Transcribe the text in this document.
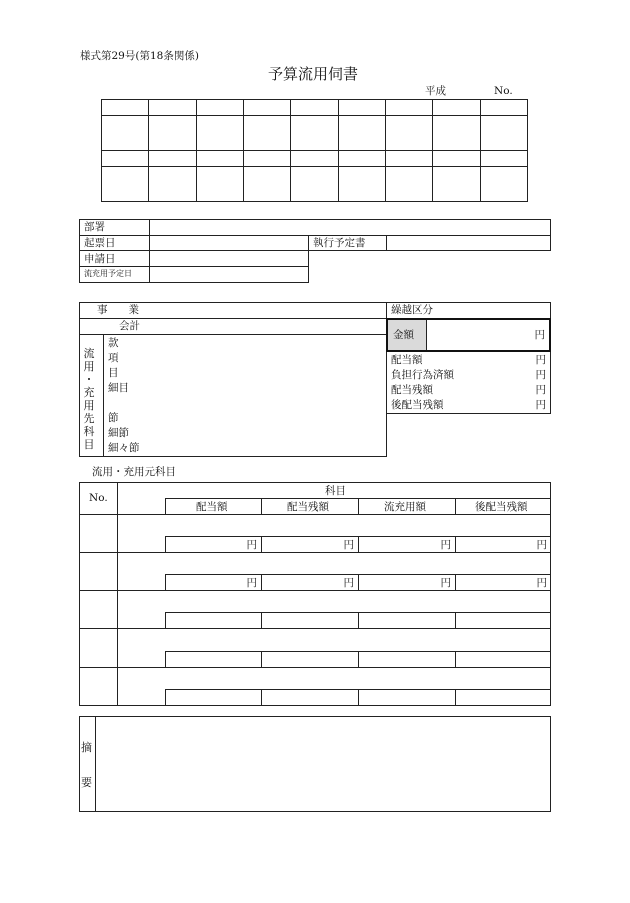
様式第29号(第18条関係)
予算流用伺書
平成	No.

部署
起票日	執行予定書
申請日
流充用予定日
事　　業
会計
流
用
・
充
用
先
科
目
款
項
目
細目
節
細節
細々節
繰越区分
金額	円
配当額	円
負担行為済額	円
配当残額	円
後配当残額	円
流用・充用元科目
No.
科目
配当額	配当残額	流充用額	後配当残額
円	円	円	円
円	円	円	円
摘
要
